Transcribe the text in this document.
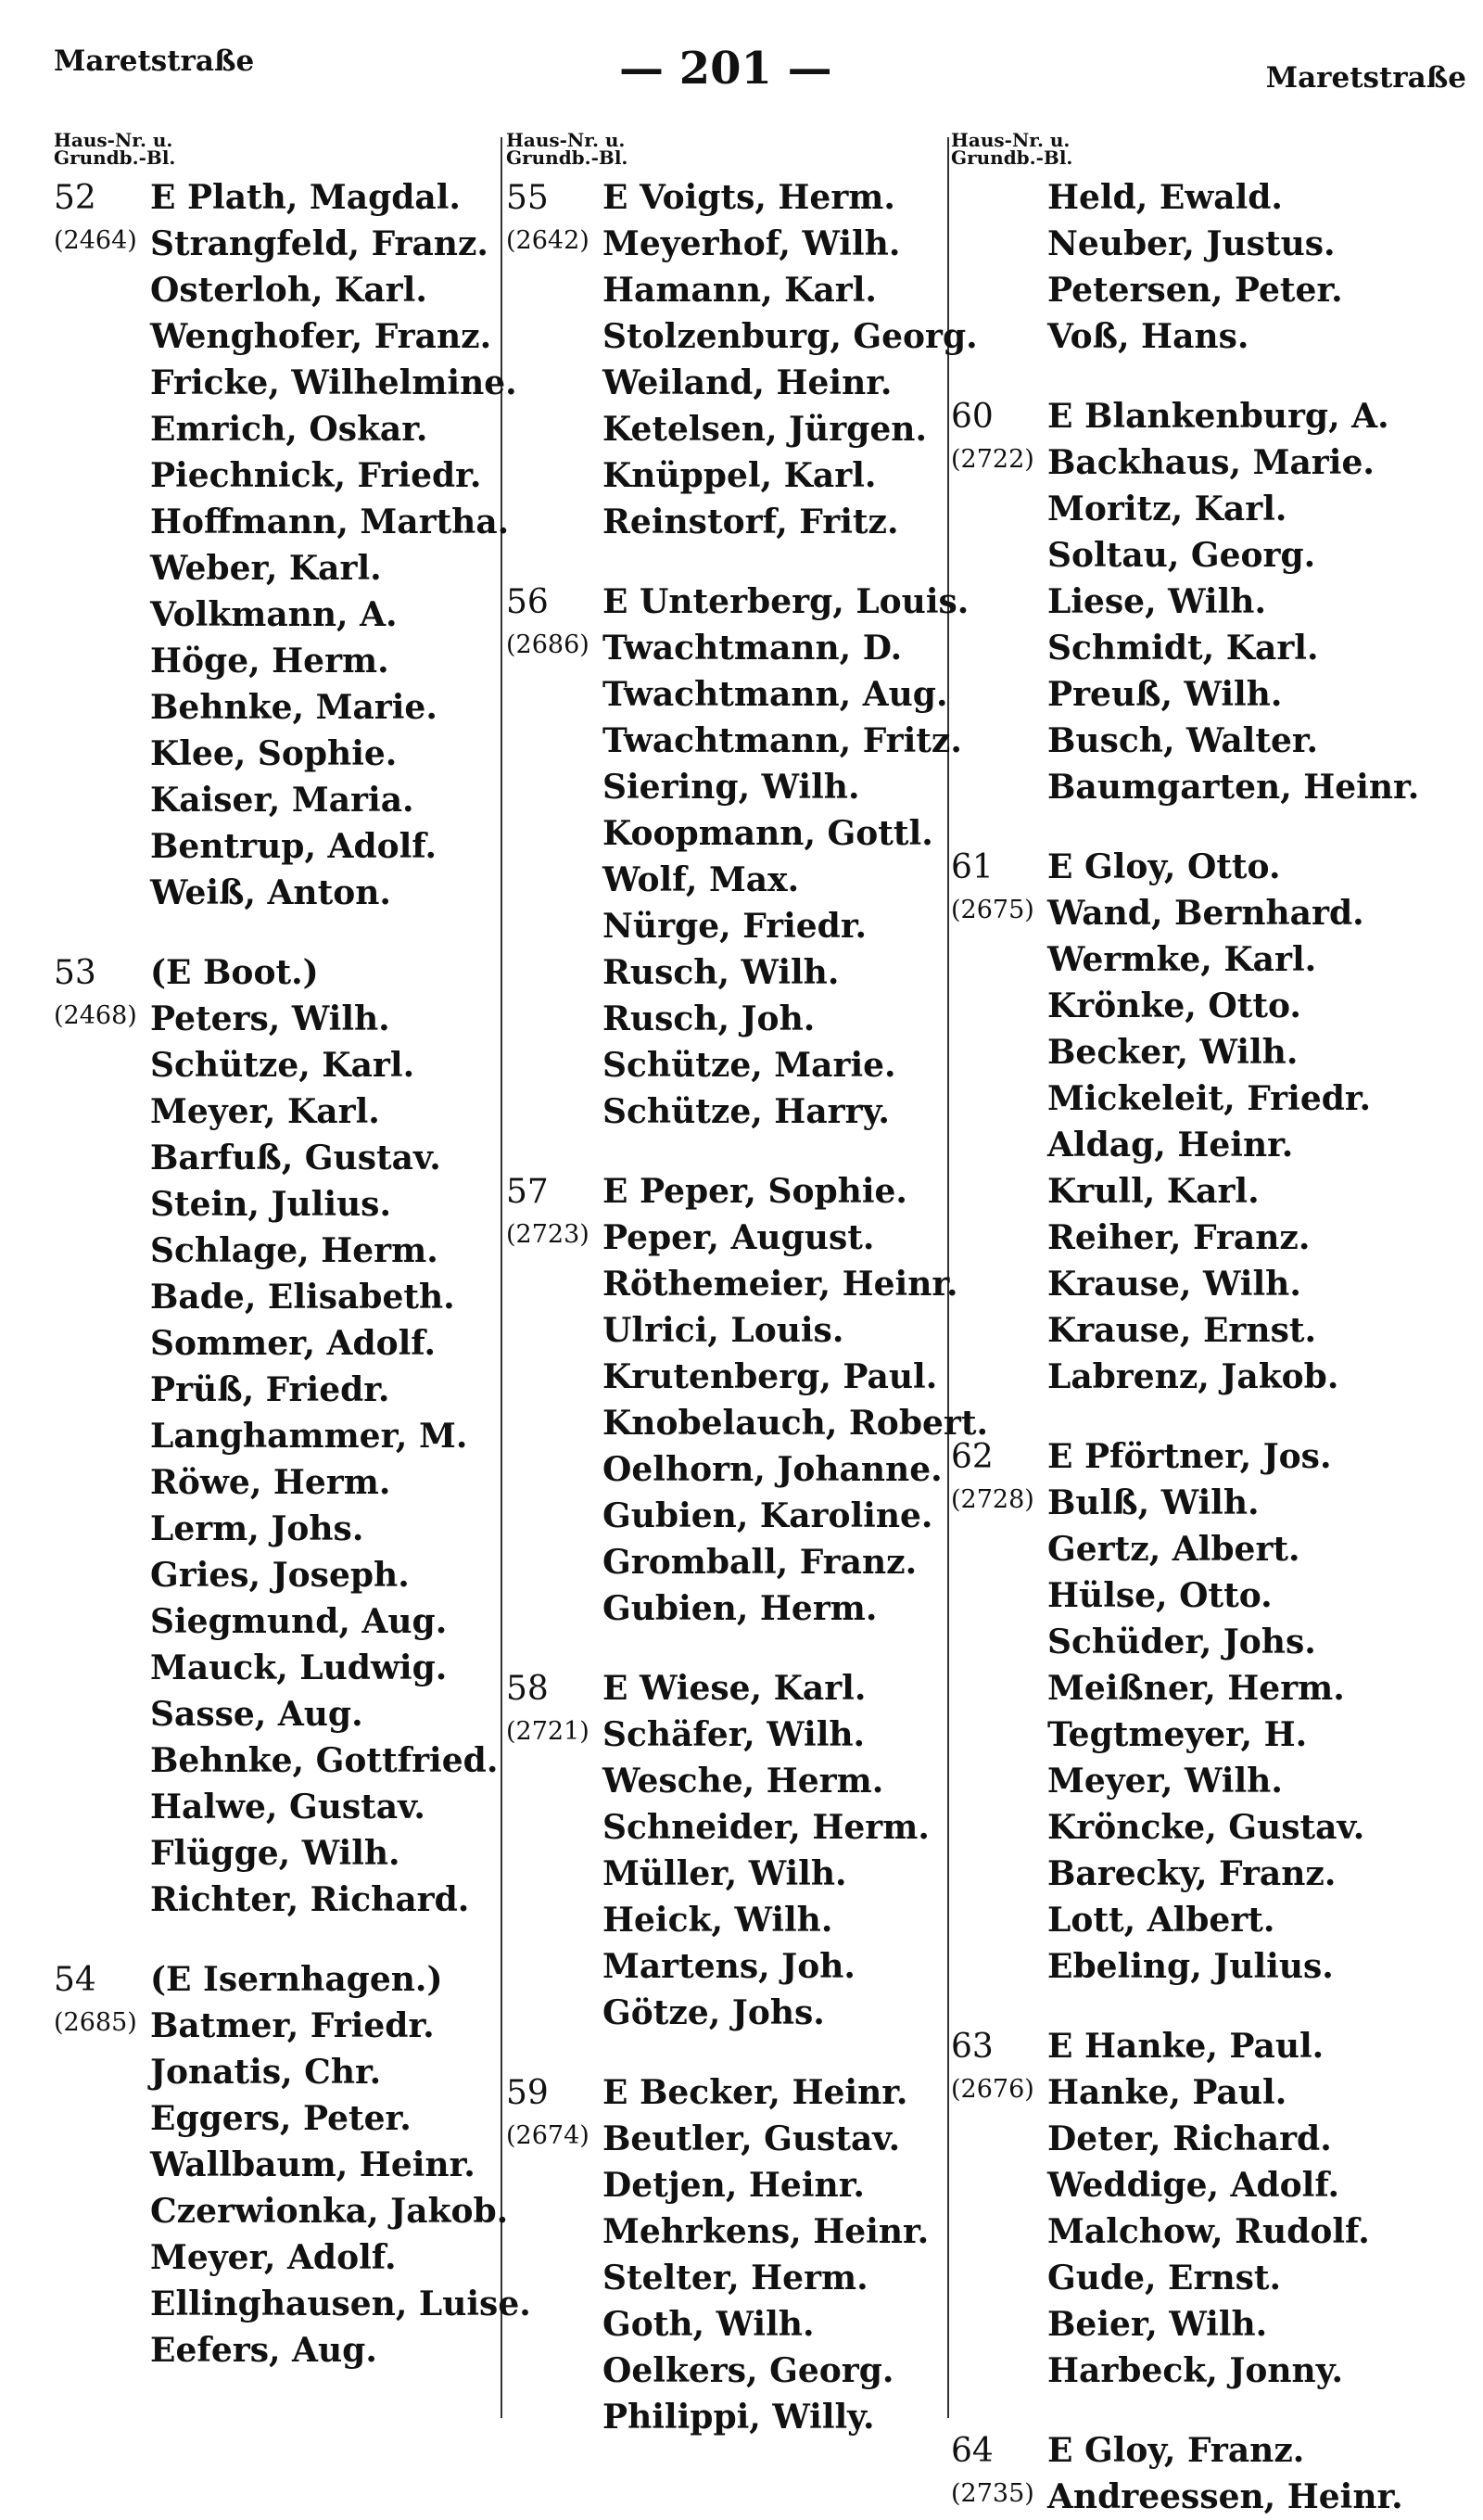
Maretstraße	— 201 —	Maretstraße
Haus-Nr. u.
Grundb.-Bl.
52 E Plath, Magdal.
(2464) Strangfeld, Franz.
Osterloh, Karl.
Wenghofer, Franz.
Fricke, Wilhelmine.
Emrich, Oskar.
Piechnick, Friedr.
Hoffmann, Martha.
Weber, Karl.
Volkmann, A.
Höge, Herm.
Behnke, Marie.
Klee, Sophie.
Kaiser, Maria.
Bentrup, Adolf.
Weiß, Anton.
53 (E Boot.)
(2468) Peters, Wilh.
Schütze, Karl.
Meyer, Karl.
Barfuß, Gustav.
Stein, Julius.
Schlage, Herm.
Bade, Elisabeth.
Sommer, Adolf.
Prüß, Friedr.
Langhammer, M.
Röwe, Herm.
Lerm, Johs.
Gries, Joseph.
Siegmund, Aug.
Mauck, Ludwig.
Sasse, Aug.
Behnke, Gottfried.
Halwe, Gustav.
Flügge, Wilh.
Richter, Richard.
54 (E Isernhagen.)
(2685) Batmer, Friedr.
Jonatis, Chr.
Eggers, Peter.
Wallbaum, Heinr.
Czerwionka, Jakob.
Meyer, Adolf.
Ellinghausen, Luise.
Eefers, Aug.
Haus-Nr. u.
Grundb.-Bl.
55 E Voigts, Herm.
(2642) Meyerhof, Wilh.
Hamann, Karl.
Stolzenburg, Georg.
Weiland, Heinr.
Ketelsen, Jürgen.
Knüppel, Karl.
Reinstorf, Fritz.
56 E Unterberg, Louis.
(2686) Twachtmann, D.
Twachtmann, Aug.
Twachtmann, Fritz.
Siering, Wilh.
Koopmann, Gottl.
Wolf, Max.
Nürge, Friedr.
Rusch, Wilh.
Rusch, Joh.
Schütze, Marie.
Schütze, Harry.
57 E Peper, Sophie.
(2723) Peper, August.
Röthemeier, Heinr.
Ulrici, Louis.
Krutenberg, Paul.
Knobelauch, Robert.
Oelhorn, Johanne.
Gubien, Karoline.
Gromball, Franz.
Gubien, Herm.
58 E Wiese, Karl.
(2721) Schäfer, Wilh.
Wesche, Herm.
Schneider, Herm.
Müller, Wilh.
Heick, Wilh.
Martens, Joh.
Götze, Johs.
59 E Becker, Heinr.
(2674) Beutler, Gustav.
Detjen, Heinr.
Mehrkens, Heinr.
Stelter, Herm.
Goth, Wilh.
Oelkers, Georg.
Philippi, Willy.
Haus-Nr. u.
Grundb.-Bl.
Held, Ewald.
Neuber, Justus.
Petersen, Peter.
Voß, Hans.
60 E Blankenburg, A.
(2722) Backhaus, Marie.
Moritz, Karl.
Soltau, Georg.
Liese, Wilh.
Schmidt, Karl.
Preuß, Wilh.
Busch, Walter.
Baumgarten, Heinr.
61 E Gloy, Otto.
(2675) Wand, Bernhard.
Wermke, Karl.
Krönke, Otto.
Becker, Wilh.
Mickeleit, Friedr.
Aldag, Heinr.
Krull, Karl.
Reiher, Franz.
Krause, Wilh.
Krause, Ernst.
Labrenz, Jakob.
62 E Pförtner, Jos.
(2728) Bulß, Wilh.
Gertz, Albert.
Hülse, Otto.
Schüder, Johs.
Meißner, Herm.
Tegtmeyer, H.
Meyer, Wilh.
Kröncke, Gustav.
Barecky, Franz.
Lott, Albert.
Ebeling, Julius.
63 E Hanke, Paul.
(2676) Hanke, Paul.
Deter, Richard.
Weddige, Adolf.
Malchow, Rudolf.
Gude, Ernst.
Beier, Wilh.
Harbeck, Jonny.
64 E Gloy, Franz.
(2735) Andreessen, Heinr.
